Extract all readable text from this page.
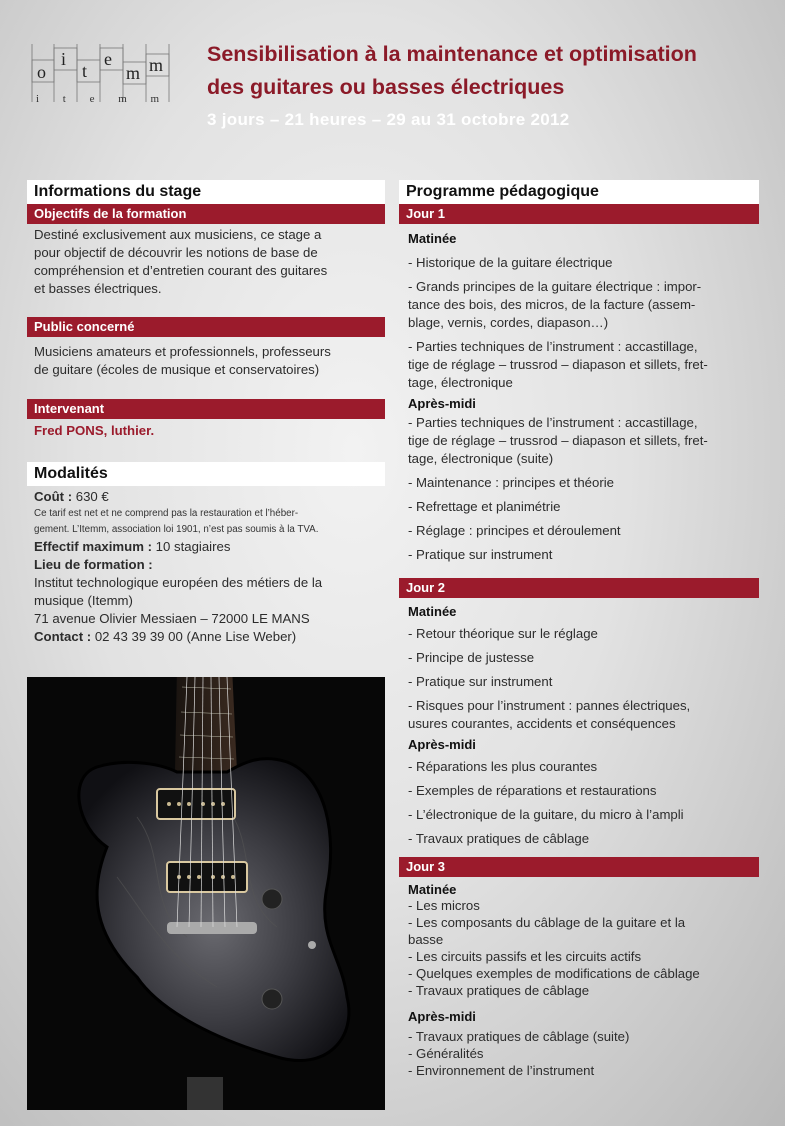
o
i
t
e
m m
i t e m m
Sensibilisation à la maintenance et optimisation
des guitares ou basses électriques
3 jours – 21 heures – 29 au 31 octobre 2012
Informations du stage
Objectifs de la formation
Destiné exclusivement aux musiciens, ce stage a
pour objectif de découvrir les notions de base de
compréhension et d’entretien courant des guitares
et basses électriques.
Public concerné
Musiciens amateurs et professionnels, professeurs
de guitare (écoles de musique et conservatoires)
Intervenant
Fred PONS, luthier.
Modalités
Coût : 630 €
Ce tarif est net et ne comprend pas la restauration et l’héber-
gement. L’Itemm, association loi 1901, n’est pas soumis à la TVA.
Effectif maximum : 10 stagiaires
Lieu de formation :
Institut technologique européen des métiers de la
musique (Itemm)
71 avenue Olivier Messiaen – 72000 LE MANS
Contact : 02 43 39 39 00 (Anne Lise Weber)
Programme pédagogique
Jour 1
Matinée
- Historique de la guitare électrique
- Grands principes de la guitare électrique : impor-
tance des bois, des micros, de la facture (assem-
blage, vernis, cordes, diapason…)
- Parties techniques de l’instrument : accastillage,
tige de réglage – trussrod – diapason et sillets, fret-
tage, électronique
Après-midi
- Parties techniques de l’instrument : accastillage,
tige de réglage – trussrod – diapason et sillets, fret-
tage, électronique (suite)
- Maintenance : principes et théorie
- Refrettage et planimétrie
- Réglage : principes et déroulement
- Pratique sur instrument
Jour 2
Matinée
- Retour théorique sur le réglage
- Principe de justesse
- Pratique sur instrument
- Risques pour l’instrument : pannes électriques,
usures courantes, accidents et conséquences
Après-midi
- Réparations les plus courantes
- Exemples de réparations et restaurations
- L’électronique de la guitare, du micro à l’ampli
- Travaux pratiques de câblage
Jour 3
Matinée
- Les micros
- Les composants du câblage de la guitare et la
basse
- Les circuits passifs et les circuits actifs
- Quelques exemples de modifications de câblage
- Travaux pratiques de câblage
Après-midi
- Travaux pratiques de câblage (suite)
- Généralités
- Environnement de l’instrument
